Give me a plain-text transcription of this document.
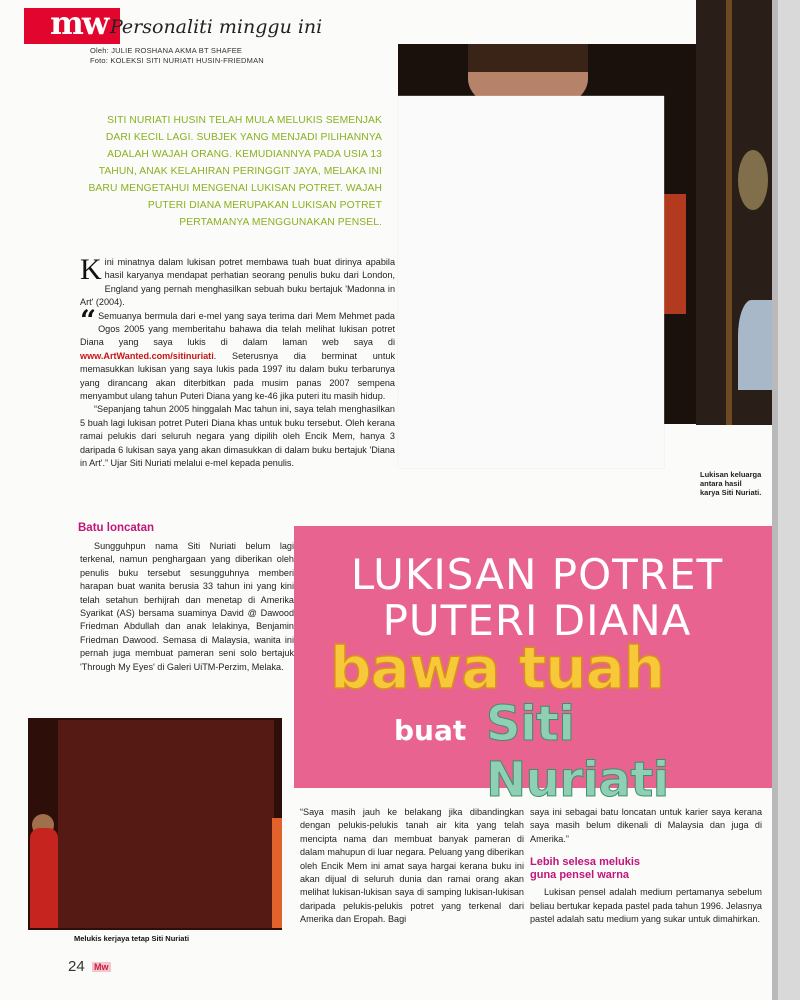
mw Personaliti minggu ini
Oleh: JULIE ROSHANA AKMA BT SHAFEE
Foto: KOLEKSI SITI NURIATI HUSIN-FRIEDMAN
Lukisan keluarga antara hasil karya Siti Nuriati.
SITI NURIATI HUSIN TELAH MULA MELUKIS SEMENJAK DARI KECIL LAGI. SUBJEK YANG MENJADI PILIHANNYA ADALAH WAJAH ORANG. KEMUDIANNYA PADA USIA 13 TAHUN, ANAK KELAHIRAN PERINGGIT JAYA, MELAKA INI BARU MENGETAHUI MENGENAI LUKISAN POTRET. WAJAH PUTERI DIANA MERUPAKAN LUKISAN POTRET PERTAMANYA MENGGUNAKAN PENSEL.

Kini minatnya dalam lukisan potret membawa tuah buat dirinya apabila hasil karyanya mendapat perhatian seorang penulis buku dari London, England yang pernah menghasilkan sebuah buku bertajuk 'Madonna in Art' (2004).

“ Semuanya bermula dari e-mel yang saya terima dari Mem Mehmet pada Ogos 2005 yang memberitahu bahawa dia telah melihat lukisan potret Diana yang saya lukis di dalam laman web saya di www.ArtWanted.com/sitinuriati. Seterusnya dia berminat untuk memasukkan lukisan yang saya lukis pada 1997 itu dalam buku terbarunya yang dirancang akan diterbitkan pada musim panas 2007 sempena menyambut ulang tahun Puteri Diana yang ke-46 jika puteri itu masih hidup.

“Sepanjang tahun 2005 hinggalah Mac tahun ini, saya telah menghasilkan 5 buah lagi lukisan potret Puteri Diana khas untuk buku tersebut. Oleh kerana ramai pelukis dari seluruh negara yang dipilih oleh Encik Mem, hanya 3 daripada 6 lukisan saya yang akan dimasukkan di dalam buku bertajuk 'Diana in Art'.” Ujar Siti Nuriati melalui e-mel kepada penulis.

Batu loncatan

Sungguhpun nama Siti Nuriati belum lagi terkenal, namun penghargaan yang diberikan oleh penulis buku tersebut sesungguhnya memberi harapan buat wanita berusia 33 tahun ini yang kini telah setahun berhijrah dan menetap di Amerika Syarikat (AS) bersama suaminya David @ Dawood Friedman Abdullah dan anak lelakinya, Benjamin Friedman Dawood. Semasa di Malaysia, wanita ini pernah juga membuat pameran seni solo bertajuk 'Through My Eyes' di Galeri UiTM-Perzim, Melaka.

LUKISAN POTRET
PUTERI DIANA
bawa tuah
buat Siti Nuriati
Melukis kerjaya tetap Siti Nuriati
“Saya masih jauh ke belakang jika dibandingkan dengan pelukis-pelukis tanah air kita yang telah mencipta nama dan membuat banyak pameran di dalam mahupun di luar negara. Peluang yang diberikan oleh Encik Mem ini amat saya hargai kerana buku ini akan dijual di seluruh dunia dan ramai orang akan melihat lukisan-lukisan saya di samping lukisan-lukisan daripada pelukis-pelukis potret yang terkenal dari Amerika dan Eropah. Bagi

saya ini sebagai batu loncatan untuk karier saya kerana saya masih belum dikenali di Malaysia dan juga di Amerika.”

Lebih selesa melukis
guna pensel warna

Lukisan pensel adalah medium pertamanya sebelum beliau bertukar kepada pastel pada tahun 1996. Jelasnya pastel adalah satu medium yang sukar untuk dimahirkan.

24 Mw
